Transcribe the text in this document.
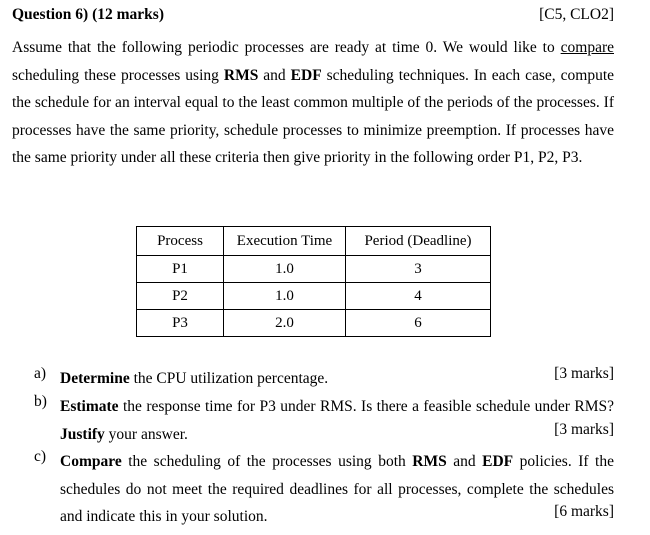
Question 6) (12 marks)	[C5, CLO2]
Assume that the following periodic processes are ready at time 0. We would like to compare scheduling these processes using RMS and EDF scheduling techniques. In each case, compute the schedule for an interval equal to the least common multiple of the periods of the processes. If processes have the same priority, schedule processes to minimize preemption. If processes have the same priority under all these criteria then give priority in the following order P1, P2, P3.
Process	Execution Time	Period (Deadline)
P1	1.0	3
P2	1.0	4
P3	2.0	6
a) Determine the CPU utilization percentage.	[3 marks]
b) Estimate the response time for P3 under RMS. Is there a feasible schedule under RMS?
Justify your answer.	[3 marks]
c) Compare the scheduling of the processes using both RMS and EDF policies. If the schedules do not meet the required deadlines for all processes, complete the schedules and indicate this in your solution.	[6 marks]
